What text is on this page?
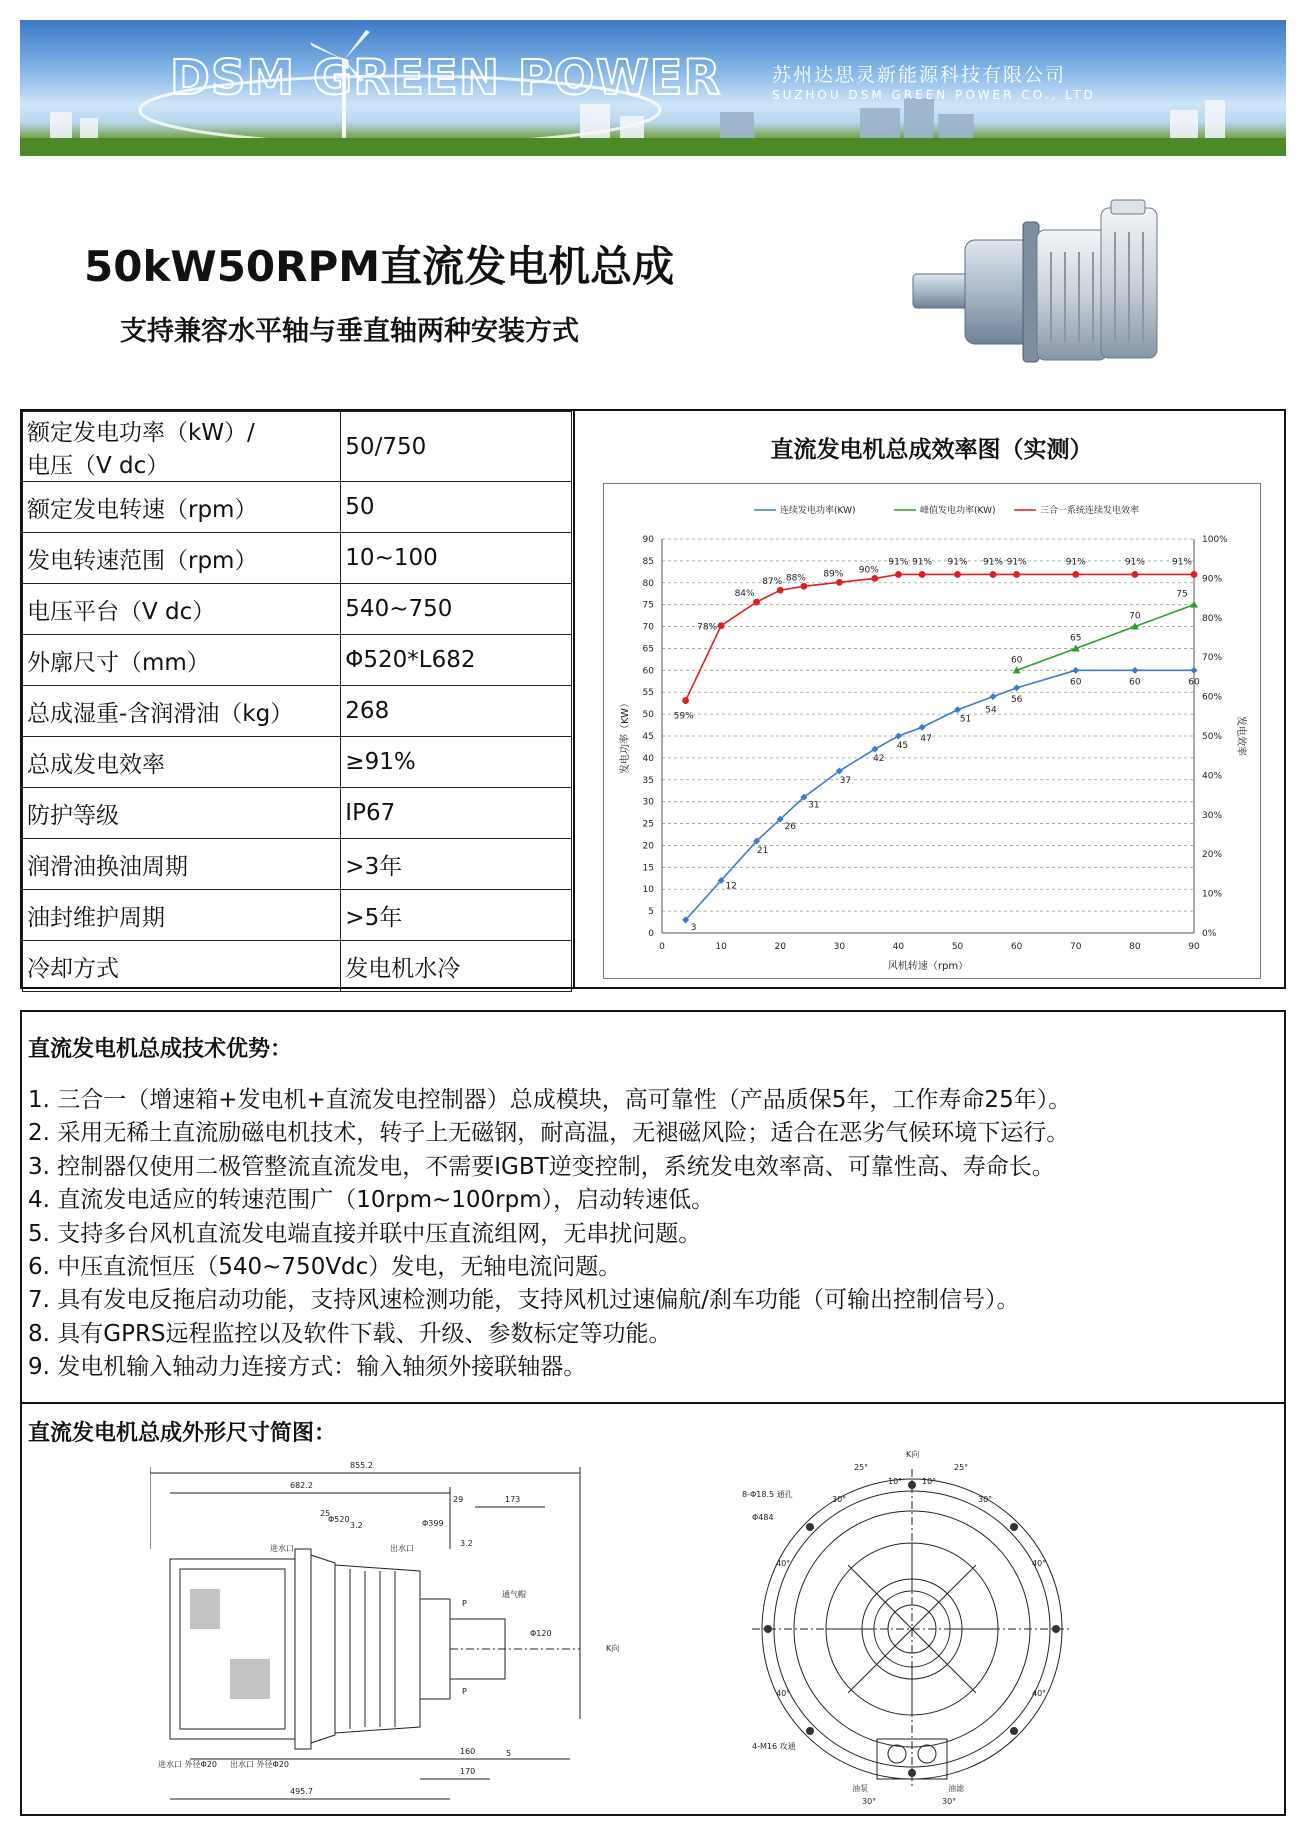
DSM GREEN POWER	苏州达思灵新能源科技有限公司
SUZHOU DSM GREEN POWER CO., LTD
50kW50RPM直流发电机总成
支持兼容水平轴与垂直轴两种安装方式
额定发电功率（kW）/
电压（V dc）	50/750
额定发电转速（rpm）	50
发电转速范围（rpm）	10~100
电压平台（V dc）	540~750
外廓尺寸（mm）	Φ520*L682
总成湿重-含润滑油（kg）	268
总成发电效率	≥91%
防护等级	IP67
润滑油换油周期	>3年
油封维护周期	>5年
冷却方式	发电机水冷
直流发电机总成效率图（实测）
0
5
10
15
20
25
30
35
40
45
50
55
60
65
70
75
80
85
90
0%
10%
20%
30%
40%
50%
60%
70%
80%
90%
100%
0	10	20	30	40	50	60	70	80	90
风机转速（rpm）
发电功率（KW）	发电效率
连续发电功率(KW)	峰值发电功率(KW)	三合一系统连续发电效率
3
12
21
26
31
37
42
45
47
51
54
56
60	60	60
60
65
70
75
59%
78%
84%
87% 88% 89% 90%
91% 91% 91% 91% 91%	91%	91%	91%
直流发电机总成技术优势：
1. 三合一（增速箱+发电机+直流发电控制器）总成模块，高可靠性（产品质保5年，工作寿命25年）。
2. 采用无稀土直流励磁电机技术，转子上无磁钢，耐高温，无褪磁风险；适合在恶劣气候环境下运行。
3. 控制器仅使用二极管整流直流发电，不需要IGBT逆变控制，系统发电效率高、可靠性高、寿命长。
4. 直流发电适应的转速范围广（10rpm~100rpm），启动转速低。
5. 支持多台风机直流发电端直接并联中压直流组网，无串扰问题。
6. 中压直流恒压（540~750Vdc）发电，无轴电流问题。
7. 具有发电反拖启动功能，支持风速检测功能，支持风机过速偏航/刹车功能（可输出控制信号）。
8. 具有GPRS远程监控以及软件下载、升级、参数标定等功能。
9. 发电机输入轴动力连接方式：输入轴须外接联轴器。
直流发电机总成外形尺寸简图：
855.2
682.2
173
29
25
160
170
495.7
5
Φ520	Φ399
Φ120
3.2
3.2
进水口	出水口
通气帽
K向
P
P
进水口 外径Φ20 出水口 外径Φ20
K向
25°	25°
10° 10°
30°	30°
8-Φ18.5 通孔
Φ484
40°	40°
40°	40°
4-M16 攻通
油泵	油滤
30°	30°
